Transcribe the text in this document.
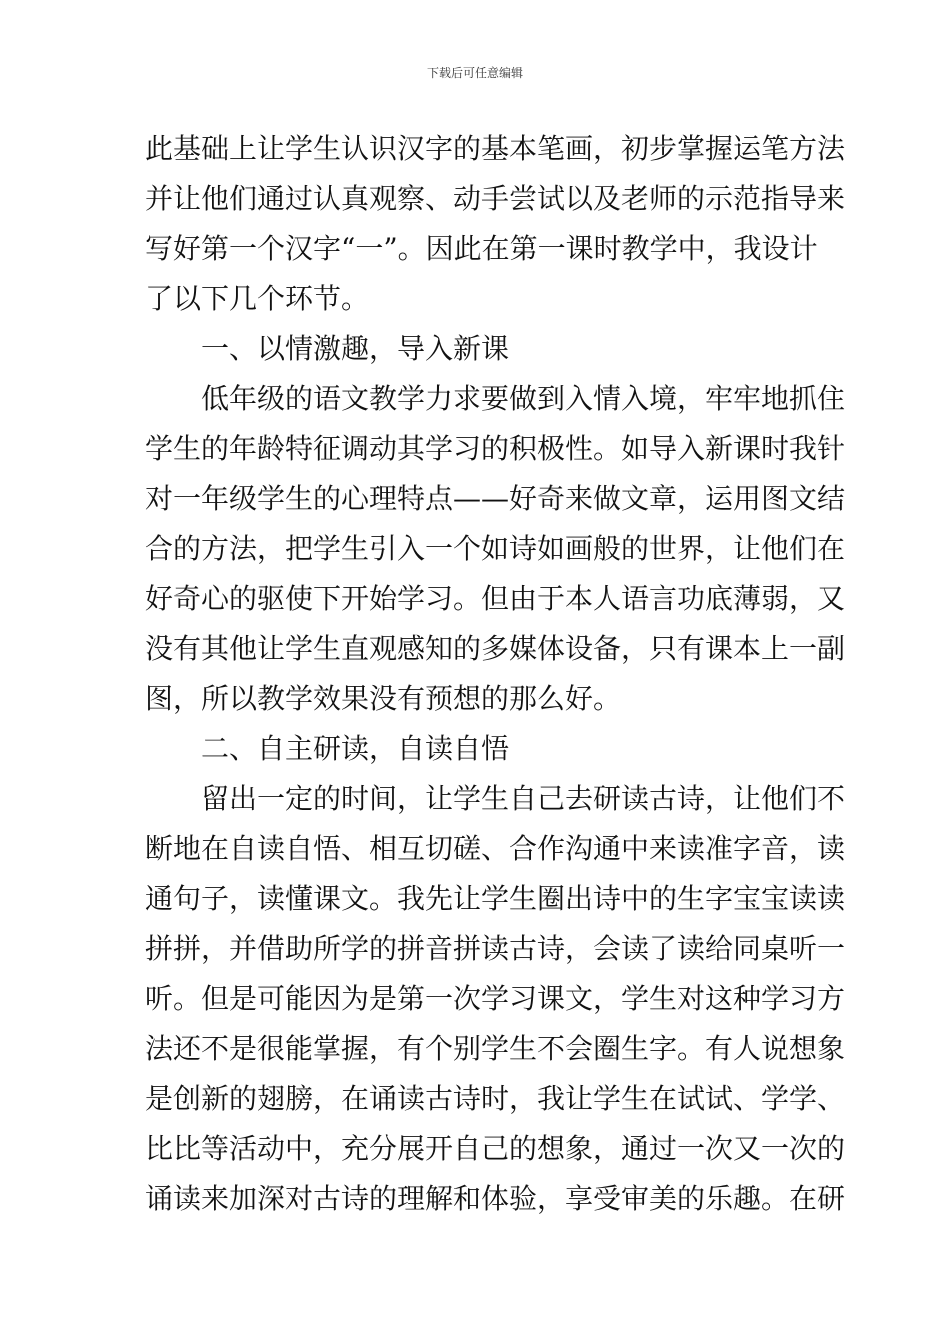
下载后可任意编辑
此基础上让学生认识汉字的基本笔画，初步掌握运笔方法
并让他们通过认真观察、动手尝试以及老师的示范指导来
写好第一个汉字“一”。因此在第一课时教学中，我设计
了以下几个环节。
一、以情激趣，导入新课
低年级的语文教学力求要做到入情入境，牢牢地抓住
学生的年龄特征调动其学习的积极性。如导入新课时我针
对一年级学生的心理特点——好奇来做文章，运用图文结
合的方法，把学生引入一个如诗如画般的世界，让他们在
好奇心的驱使下开始学习。但由于本人语言功底薄弱，又
没有其他让学生直观感知的多媒体设备，只有课本上一副
图，所以教学效果没有预想的那么好。
二、自主研读，自读自悟
留出一定的时间，让学生自己去研读古诗，让他们不
断地在自读自悟、相互切磋、合作沟通中来读准字音，读
通句子，读懂课文。我先让学生圈出诗中的生字宝宝读读
拼拼，并借助所学的拼音拼读古诗，会读了读给同桌听一
听。但是可能因为是第一次学习课文，学生对这种学习方
法还不是很能掌握，有个别学生不会圈生字。有人说想象
是创新的翅膀，在诵读古诗时，我让学生在试试、学学、
比比等活动中，充分展开自己的想象，通过一次又一次的
诵读来加深对古诗的理解和体验，享受审美的乐趣。在研
